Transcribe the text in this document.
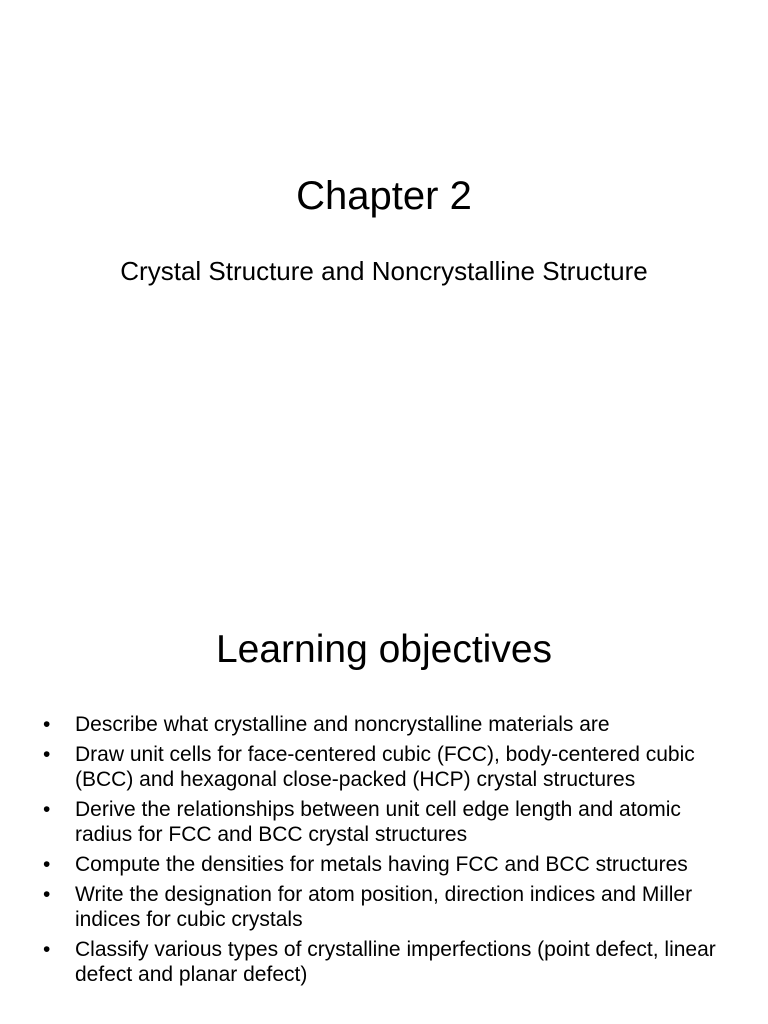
Chapter 2

Crystal Structure and Noncrystalline Structure

Learning objectives
• Describe what crystalline and noncrystalline materials are
• Draw unit cells for face-centered cubic (FCC), body-centered cubic (BCC) and hexagonal close-packed (HCP) crystal structures
• Derive the relationships between unit cell edge length and atomic radius for FCC and BCC crystal structures
• Compute the densities for metals having FCC and BCC structures
• Write the designation for atom position, direction indices and Miller indices for cubic crystals
• Classify various types of crystalline imperfections (point defect, linear defect and planar defect)
